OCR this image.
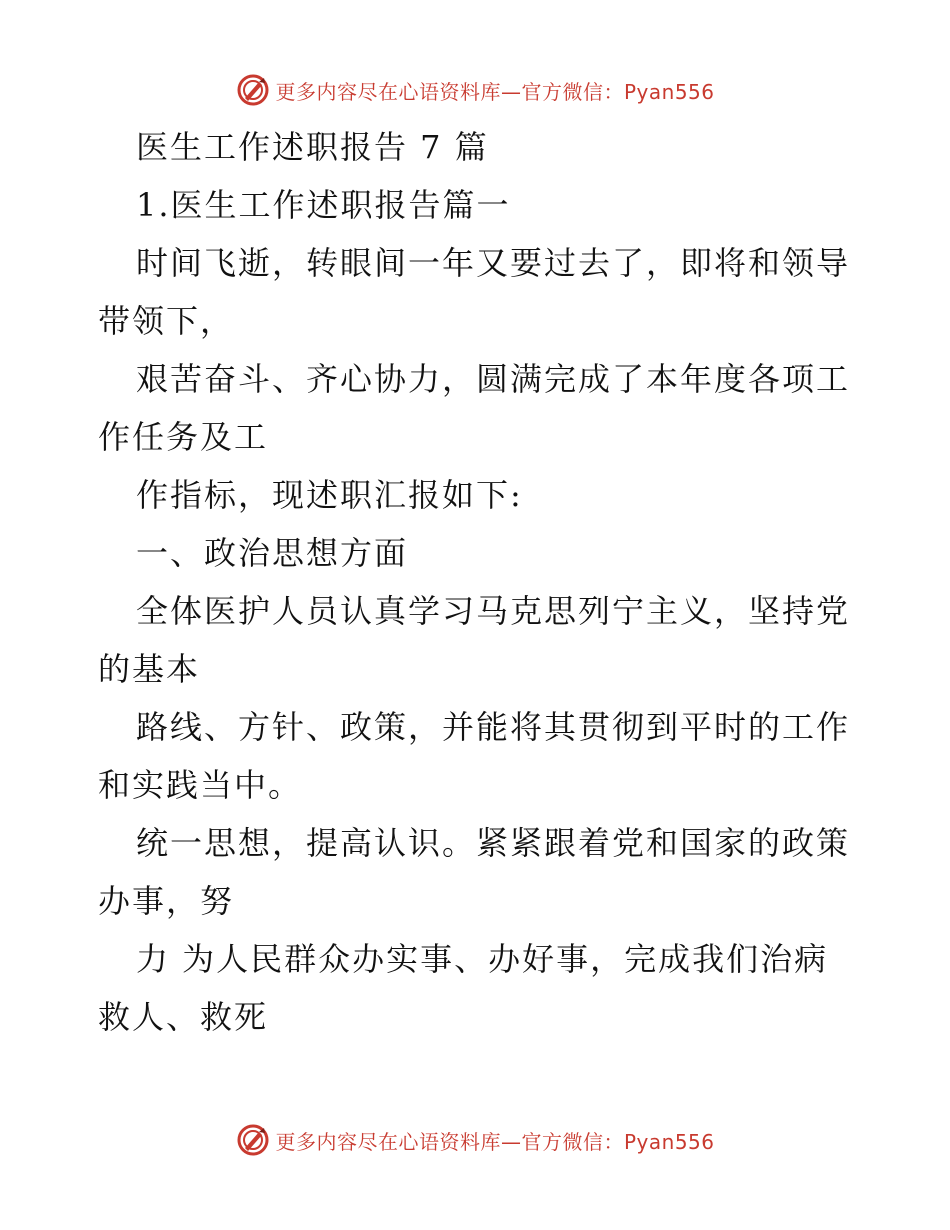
更多内容尽在心语资料库—官方微信：Pyan556

医生工作述职报告 7 篇

1.医生工作述职报告篇一

时间飞逝，转眼间一年又要过去了，即将和领导带领下，

艰苦奋斗、齐心协力，圆满完成了本年度各项工作任务及工

作指标，现述职汇报如下:

一、政治思想方面

全体医护人员认真学习马克思列宁主义，坚持党的基本

路线、方针、政策，并能将其贯彻到平时的工作和实践当中。

统一思想，提高认识。紧紧跟着党和国家的政策办事，努

力 为人民群众办实事、办好事，完成我们治病救人、救死

更多内容尽在心语资料库—官方微信：Pyan556
